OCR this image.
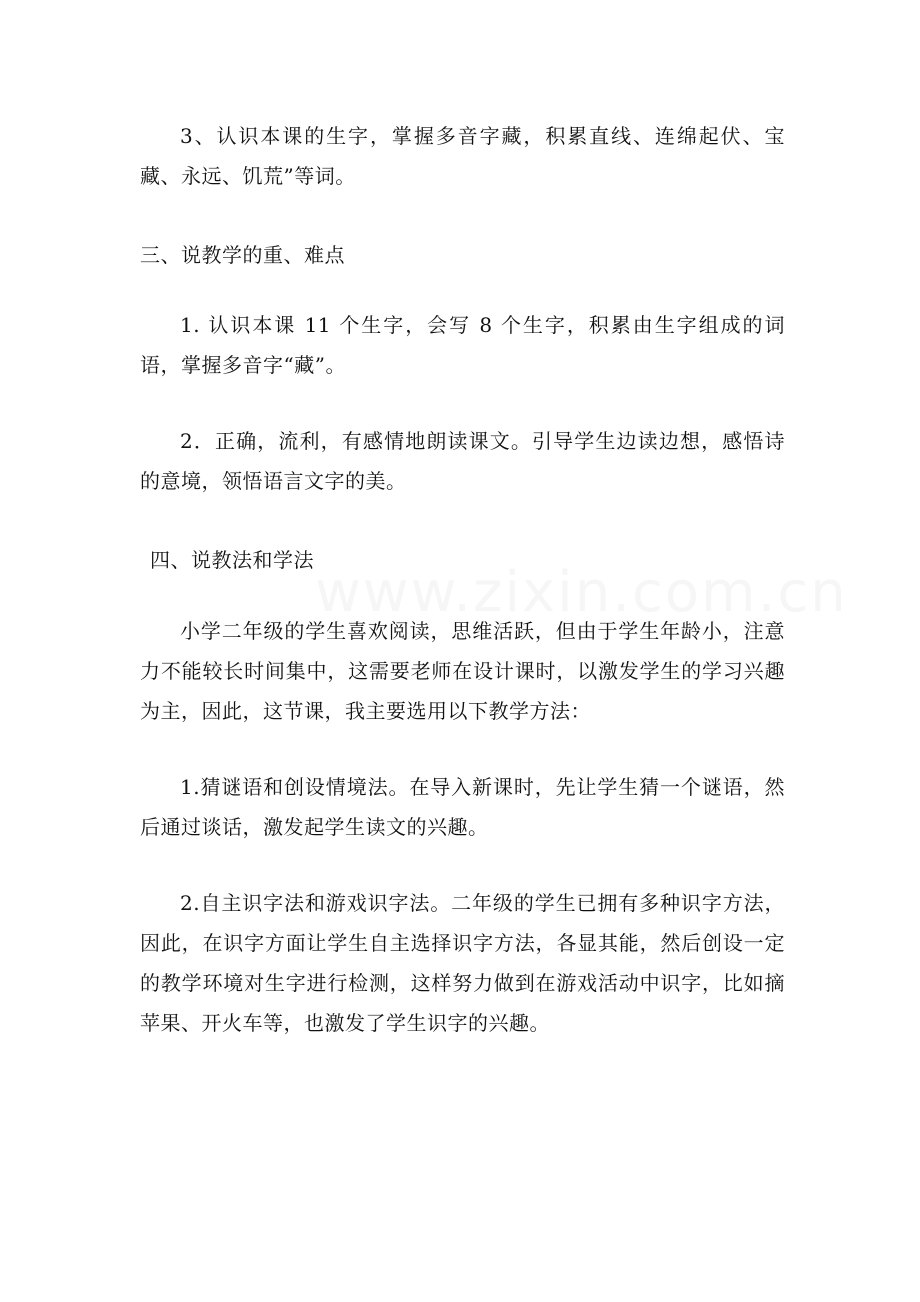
www.zixin.com.cn

3、认识本课的生字，掌握多音字藏，积累直线、连绵起伏、宝藏、永远、饥荒”等词。

三、说教学的重、难点

1. 认识本课 11 个生字，会写 8 个生字，积累由生字组成的词语，掌握多音字“藏”。

2．正确，流利，有感情地朗读课文。引导学生边读边想，感悟诗的意境，领悟语言文字的美。

四、说教法和学法

小学二年级的学生喜欢阅读，思维活跃，但由于学生年龄小，注意力不能较长时间集中，这需要老师在设计课时，以激发学生的学习兴趣为主，因此，这节课，我主要选用以下教学方法：

1.猜谜语和创设情境法。在导入新课时，先让学生猜一个谜语，然后通过谈话，激发起学生读文的兴趣。

2.自主识字法和游戏识字法。二年级的学生已拥有多种识字方法，因此，在识字方面让学生自主选择识字方法，各显其能，然后创设一定的教学环境对生字进行检测，这样努力做到在游戏活动中识字，比如摘苹果、开火车等，也激发了学生识字的兴趣。
